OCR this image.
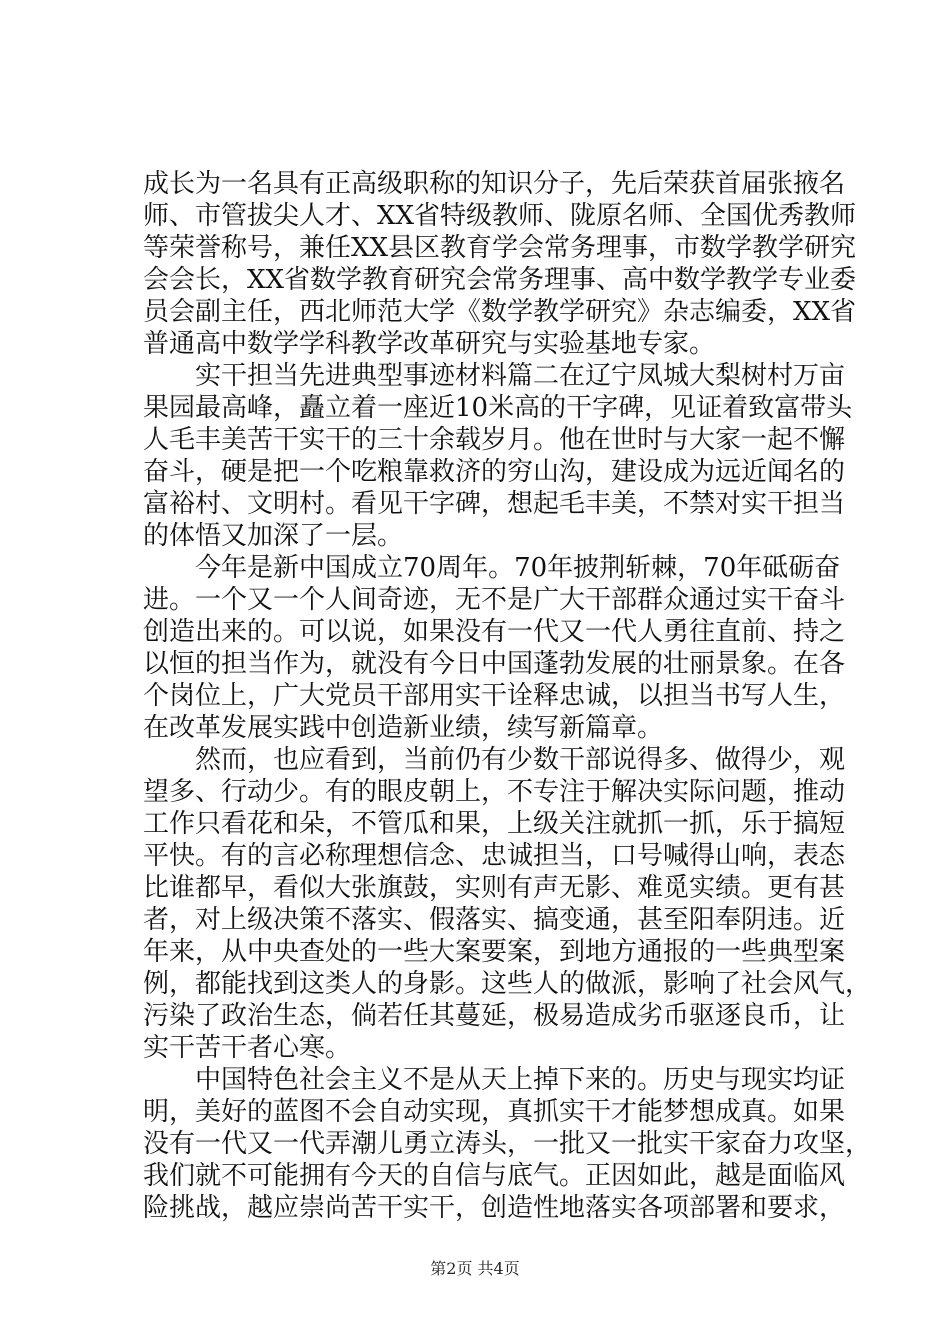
成长为一名具有正高级职称的知识分子，先后荣获首届张掖名
师、市管拔尖人才、XX省特级教师、陇原名师、全国优秀教师
等荣誉称号，兼任XX县区教育学会常务理事，市数学教学研究
会会长，XX省数学教育研究会常务理事、高中数学教学专业委
员会副主任，西北师范大学《数学教学研究》杂志编委，XX省
普通高中数学学科教学改革研究与实验基地专家。
　　实干担当先进典型事迹材料篇二在辽宁凤城大梨树村万亩
果园最高峰，矗立着一座近10米高的干字碑，见证着致富带头
人毛丰美苦干实干的三十余载岁月。他在世时与大家一起不懈
奋斗，硬是把一个吃粮靠救济的穷山沟，建设成为远近闻名的
富裕村、文明村。看见干字碑，想起毛丰美，不禁对实干担当
的体悟又加深了一层。
　　今年是新中国成立70周年。70年披荆斩棘，70年砥砺奋
进。一个又一个人间奇迹，无不是广大干部群众通过实干奋斗
创造出来的。可以说，如果没有一代又一代人勇往直前、持之
以恒的担当作为，就没有今日中国蓬勃发展的壮丽景象。在各
个岗位上，广大党员干部用实干诠释忠诚，以担当书写人生，
在改革发展实践中创造新业绩，续写新篇章。
　　然而，也应看到，当前仍有少数干部说得多、做得少，观
望多、行动少。有的眼皮朝上，不专注于解决实际问题，推动
工作只看花和朵，不管瓜和果，上级关注就抓一抓，乐于搞短
平快。有的言必称理想信念、忠诚担当，口号喊得山响，表态
比谁都早，看似大张旗鼓，实则有声无影、难觅实绩。更有甚
者，对上级决策不落实、假落实、搞变通，甚至阳奉阴违。近
年来，从中央查处的一些大案要案，到地方通报的一些典型案
例，都能找到这类人的身影。这些人的做派，影响了社会风气，
污染了政治生态，倘若任其蔓延，极易造成劣币驱逐良币，让
实干苦干者心寒。
　　中国特色社会主义不是从天上掉下来的。历史与现实均证
明，美好的蓝图不会自动实现，真抓实干才能梦想成真。如果
没有一代又一代弄潮儿勇立涛头，一批又一批实干家奋力攻坚，
我们就不可能拥有今天的自信与底气。正因如此，越是面临风
险挑战，越应崇尚苦干实干，创造性地落实各项部署和要求，
第2页 共4页
